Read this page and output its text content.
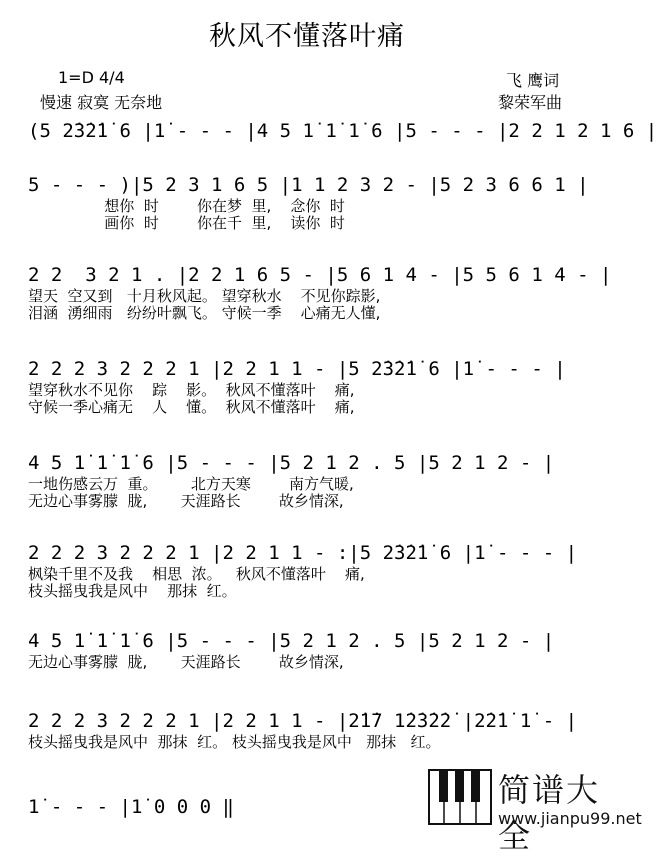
秋风不懂落叶痛
1=D 4/4
慢速 寂寞 无奈地
飞 鹰词
黎荣军曲
(5 2̇3̇2̇1̇ 6 |1̇ - - - |4 5 1̇ 1̇ 1̇ 6 |5 - - - |2 2 1 2 1 6 |
5 - - - )|5 2 3 1 6 5 |1 1 2 3 2 - |5 2 3 6 6 1 |
想你  时        你在梦  里,    念你  时
画你  时        你在千  里,    读你  时
2 2  3 2 1 . |2 2 1 6 5 - |5 6 1 4 - |5 5 6 1 4 - |
望天  空又到   十月秋风起。 望穿秋水    不见你踪影,
泪涵  湧细雨   纷纷叶飘飞。 守候一季    心痛无人懂,
2 2 2 3 2 2 2 1 |2 2 1 1 - |5 2̇3̇2̇1̇ 6 |1̇ - - - |
望穿秋水不见你    踪    影。  秋风不懂落叶    痛,
守候一季心痛无    人    懂。  秋风不懂落叶    痛,
4 5 1̇ 1̇ 1̇ 6 |5 - - - |5 2 1 2 . 5 |5 2 1 2 - |
一地伤感云万  重。       北方天寒        南方气暖,
无边心事雾朦  胧,       天涯路长        故乡情深,
2 2 2 3 2 2 2 1 |2 2 1 1 - :|5 2̇3̇2̇1̇ 6 |1̇ - - - |
枫染千里不及我    相思  浓。   秋风不懂落叶    痛,
枝头摇曳我是风中    那抹  红。
4 5 1̇ 1̇ 1̇ 6 |5 - - - |5 2 1 2 . 5 |5 2 1 2 - |
无边心事雾朦  胧,       天涯路长        故乡情深,
2 2 2 3 2 2 2 1 |2 2 1 1 - |2̇1̇7 1̇2̇3̇2̇2̇ |2̇2̇1̇ 1̇ - |
枝头摇曳我是风中  那抹  红。 枝头摇曳我是风中   那抹   红。
1̇ - - - |1̇ 0 0 0 ‖	简谱大全
www.jianpu99.net
